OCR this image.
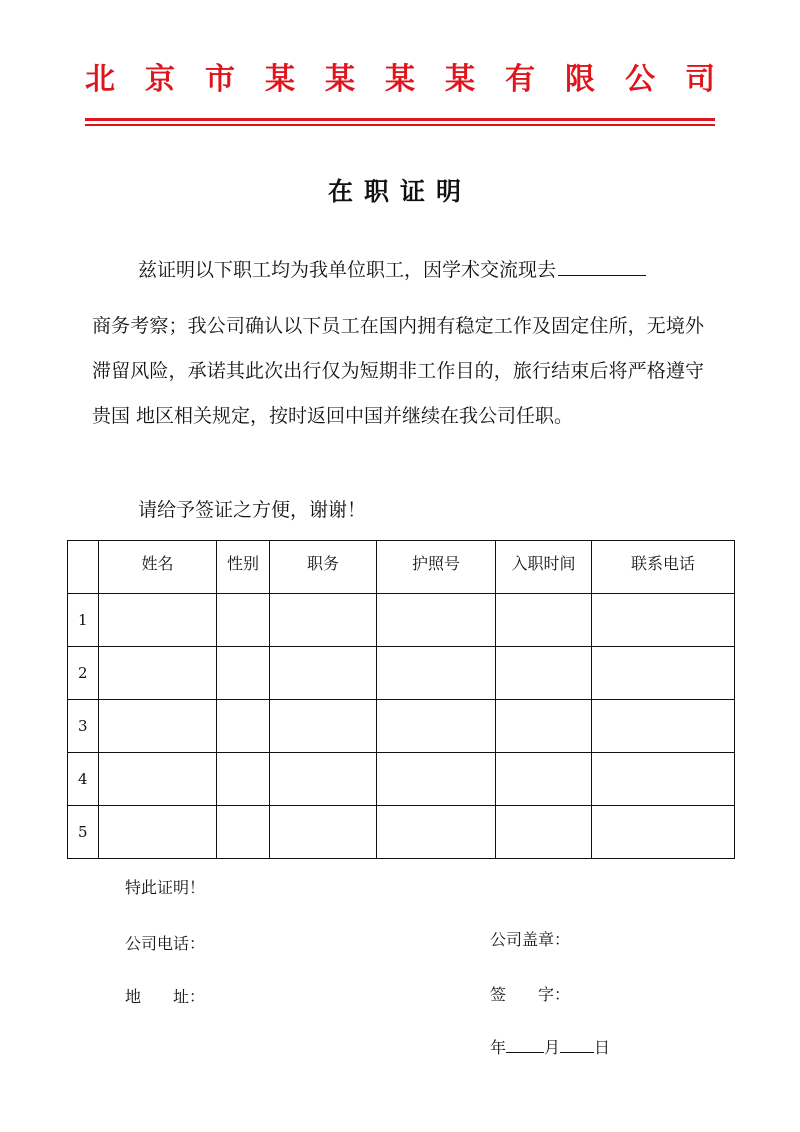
北 京 市 某 某 某 某 有 限 公 司
在职证明
兹证明以下职工均为我单位职工，因学术交流现去
商务考察；我公司确认以下员工在国内拥有稳定工作及固定住所，无境外滞留风险，承诺其此次出行仅为短期非工作目的，旅行结束后将严格遵守贵国 地区相关规定，按时返回中国并继续在我公司任职。
请给予签证之方便，谢谢！
	姓名	性别	职务	护照号	入职时间	联系电话
1						
2						
3						
4						
5						
特此证明！
公司电话：
地　　址：
公司盖章：
签　　字：
年 月 日
